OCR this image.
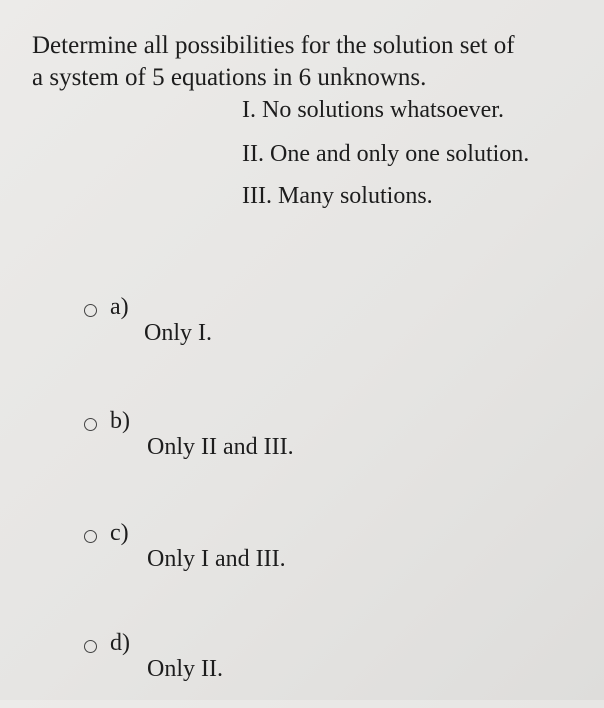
Determine all possibilities for the solution set of
a system of 5 equations in 6 unknowns.
I. No solutions whatsoever.
II. One and only one solution.
III. Many solutions.
a)
Only I.
b)
Only II and III.
c)
Only I and III.
d)
Only II.
